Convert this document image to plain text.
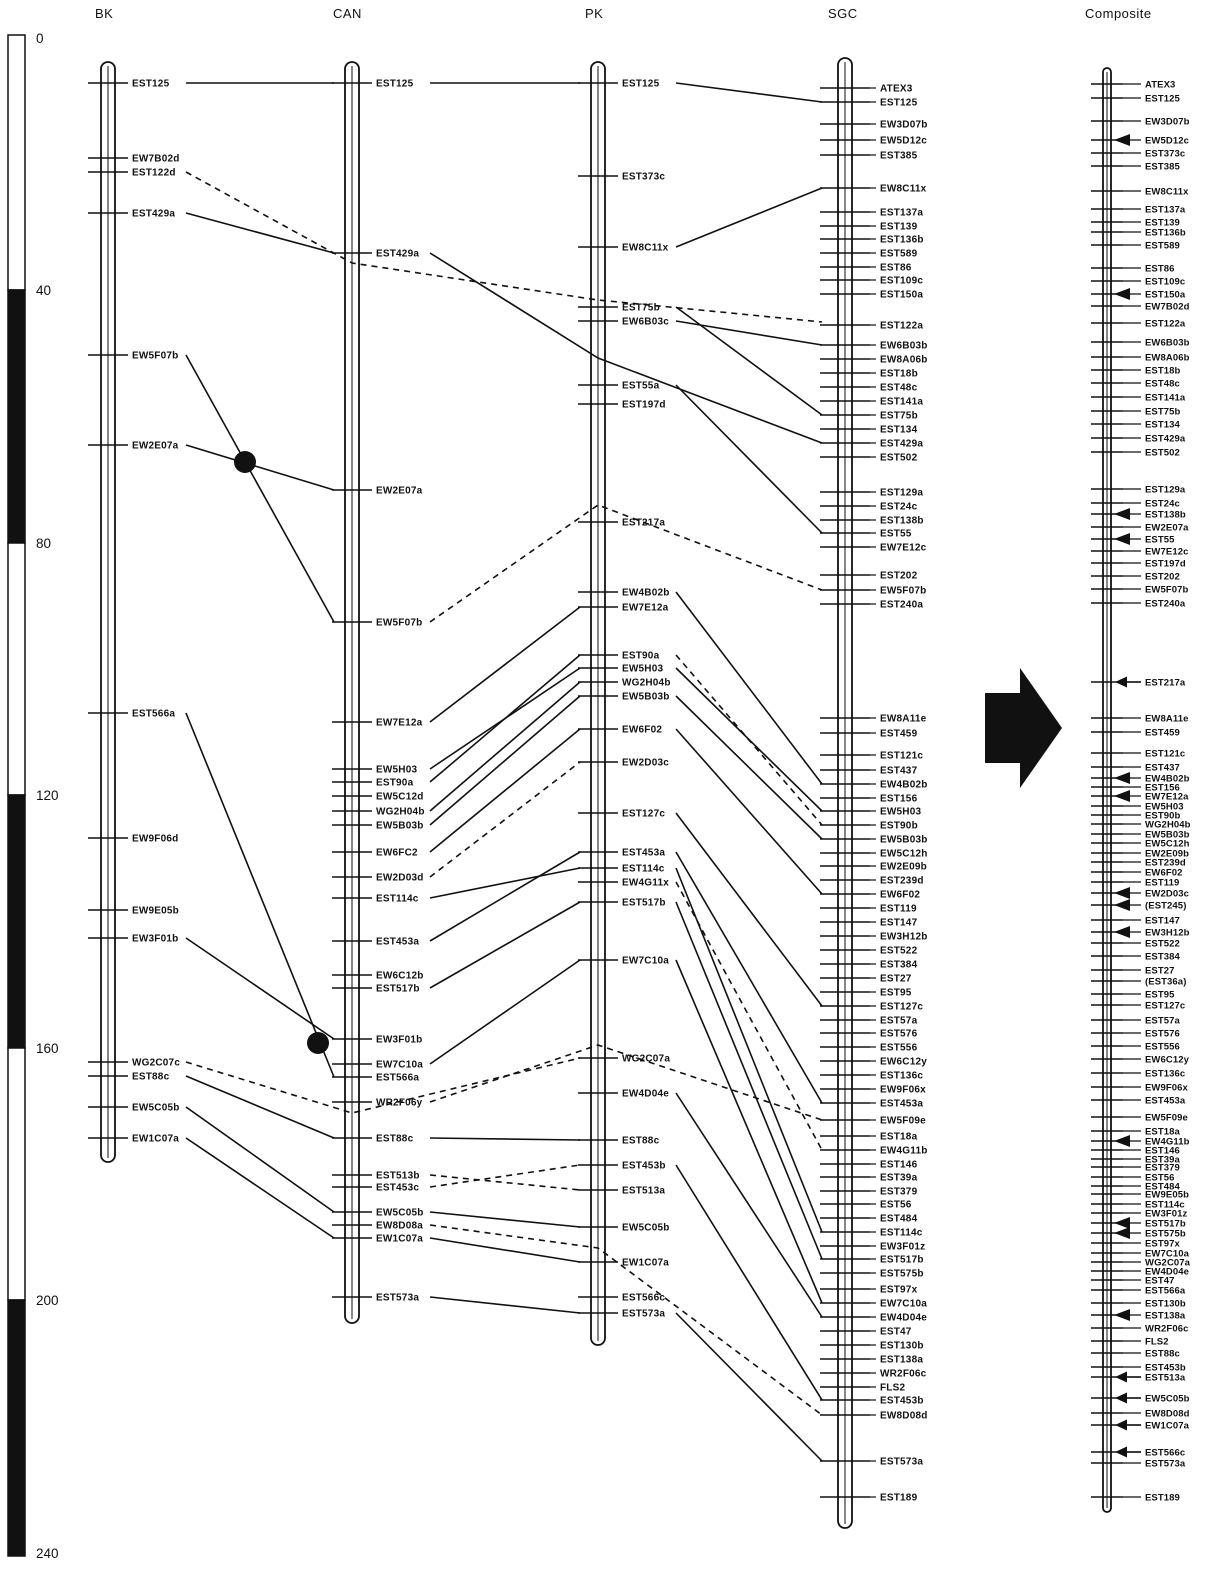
0
40
80
120
160
200
240
EST125
EW7B02d
EST122d
EST429a
EW5F07b
EW2E07a
EST566a
EW9F06d
EW9E05b
EW3F01b
WG2C07c
EST88c
EW5C05b
EW1C07a
EST125
EST429a
EW2E07a
EW5F07b
EW7E12a
EW5H03
EST90a
EW5C12d
WG2H04b
EW5B03b
EW6FC2
EW2D03d
EST114c
EST453a
EW6C12b
EST517b
EW3F01b
EW7C10a
EST566a
WR2F06y
EST88c
EST513b
EST453c
EW5C05b
EW8D08a
EW1C07a
EST573a
EST125
EST373c
EW8C11x
EST75b
EW6B03c
EST55a
EST197d
EST217a
EW4B02b
EW7E12a
EST90a
EW5H03
WG2H04b
EW5B03b
EW6F02
EW2D03c
EST127c
EST453a
EST114c
EW4G11x
EST517b
EW7C10a
WG2C07a
EW4D04e
EST88c
EST453b
EST513a
EW5C05b
EW1C07a
EST566c
EST573a
ATEX3
EST125
EW3D07b
EW5D12c
EST385
EW8C11x
EST137a
EST139
EST136b
EST589
EST86
EST109c
EST150a
EST122a
EW6B03b
EW8A06b
EST18b
EST48c
EST141a
EST75b
EST134
EST429a
EST502
EST129a
EST24c
EST138b
EST55
EW7E12c
EST202
EW5F07b
EST240a
EW8A11e
EST459
EST121c
EST437
EW4B02b
EST156
EW5H03
EST90b
EW5B03b
EW5C12h
EW2E09b
EST239d
EW6F02
EST119
EST147
EW3H12b
EST522
EST384
EST27
EST95
EST127c
EST57a
EST576
EST556
EW6C12y
EST136c
EW9F06x
EST453a
EW5F09e
EST18a
EW4G11b
EST146
EST39a
EST379
EST56
EST484
EST114c
EW3F01z
EST517b
EST575b
EST97x
EW7C10a
EW4D04e
EST47
EST130b
EST138a
WR2F06c
FLS2
EST453b
EW8D08d
EST573a
EST189
ATEX3
EST125
EW3D07b
EW5D12c
EST373c
EST385
EW8C11x
EST137a
EST139
EST136b
EST589
EST86
EST109c
EST150a
EW7B02d
EST122a
EW6B03b
EW8A06b
EST18b
EST48c
EST141a
EST75b
EST134
EST429a
EST502
EST129a
EST24c
EST138b
EW2E07a
EST55
EW7E12c
EST197d
EST202
EW5F07b
EST240a
EST217a
EW8A11e
EST459
EST121c
EST437
EW4B02b
EST156
EW7E12a
EW5H03
EST90b
WG2H04b
EW5B03b
EW5C12h
EW2E09b
EST239d
EW6F02
EST119
EW2D03c
(EST245)
EST147
EW3H12b
EST522
EST384
EST27
(EST36a)
EST95
EST127c
EST57a
EST576
EST556
EW6C12y
EST136c
EW9F06x
EST453a
EW5F09e
EST18a
EW4G11b
EST146
EST39a
EST379
EST56
EST484
EW9E05b
EST114c
EW3F01z
EST517b
EST575b
EST97x
EW7C10a
WG2C07a
EW4D04e
EST47
EST566a
EST130b
EST138a
WR2F06c
FLS2
EST88c
EST453b
EST513a
EW5C05b
EW8D08d
EW1C07a
EST566c
EST573a
EST189
BK	CAN	PK	SGC	Composite
